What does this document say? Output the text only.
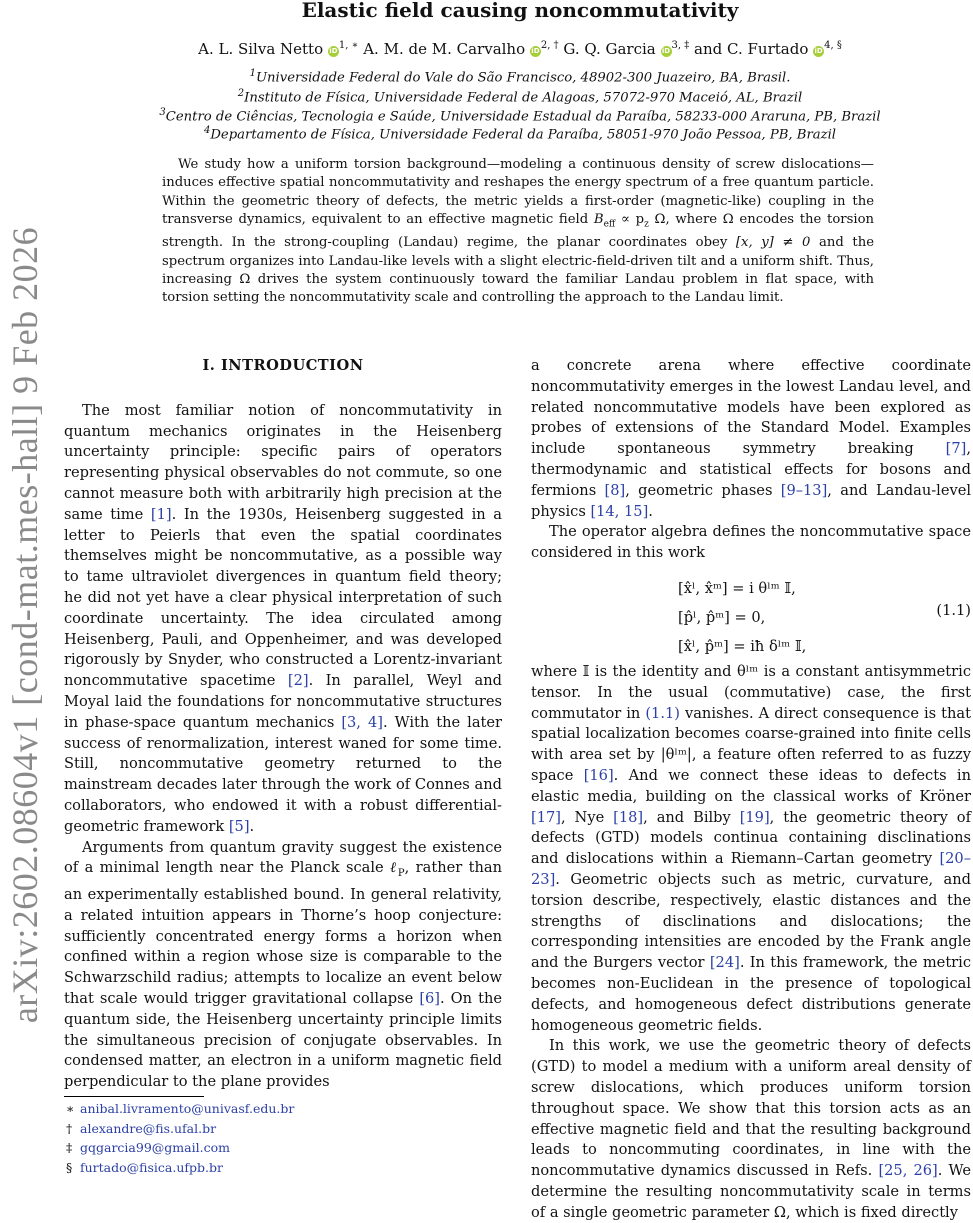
arXiv:2602.08604v1 [cond-mat.mes-hall] 9 Feb 2026
Elastic field causing noncommutativity
A. L. Silva Netto $iD^{1, ∗}$ A. M. de M. Carvalho $iD^{2, \dagger}$ G. Q. Garcia $iD^{3, \ddagger}$ and C. Furtado $iD^{4, \S}$
$^1$Universidade Federal do Vale do São Francisco, 48902-300 Juazeiro, BA, Brasil.
$^2$Instituto de Física, Universidade Federal de Alagoas, 57072-970 Maceió, AL, Brazil
$^3$Centro de Ciências, Tecnologia e Saúde, Universidade Estadual da Paraíba, 58233-000 Araruna, PB, Brazil
$^4$Departamento de Física, Universidade Federal da Paraíba, 58051-970 João Pessoa, PB, Brazil

We study how a uniform torsion background—modeling a continuous density of screw dislocations—induces effective spatial noncommutativity and reshapes the energy spectrum of a free quantum particle. Within the geometric theory of defects, the metric yields a first-order (magnetic-like) coupling in the transverse dynamics, equivalent to an effective magnetic field $B_{eff} \propto p_z$ Ω, where Ω encodes the torsion strength. In the strong-coupling (Landau) regime, the planar coordinates obey [x, y] ≠ 0 and the spectrum organizes into Landau-like levels with a slight electric-field-driven tilt and a uniform shift. Thus, increasing Ω drives the system continuously toward the familiar Landau problem in flat space, with torsion setting the noncommutativity scale and controlling the approach to the Landau limit.

I. INTRODUCTION

The most familiar notion of noncommutativity in quantum mechanics originates in the Heisenberg uncertainty principle: specific pairs of operators representing physical observables do not commute, so one cannot measure both with arbitrarily high precision at the same time [1]. In the 1930s, Heisenberg suggested in a letter to Peierls that even the spatial coordinates themselves might be noncommutative, as a possible way to tame ultraviolet divergences in quantum field theory; he did not yet have a clear physical interpretation of such coordinate uncertainty. The idea circulated among Heisenberg, Pauli, and Oppenheimer, and was developed rigorously by Snyder, who constructed a Lorentz-invariant noncommutative spacetime [2]. In parallel, Weyl and Moyal laid the foundations for noncommutative structures in phase-space quantum mechanics [3, 4]. With the later success of renormalization, interest waned for some time. Still, noncommutative geometry returned to the mainstream decades later through the work of Connes and collaborators, who endowed it with a robust differential-geometric framework [5].

Arguments from quantum gravity suggest the existence of a minimal length near the Planck scale ℓ$_P$, rather than an experimentally established bound. In general relativity, a related intuition appears in Thorne’s hoop conjecture: sufficiently concentrated energy forms a horizon when confined within a region whose size is comparable to the Schwarzschild radius; attempts to localize an event below that scale would trigger gravitational collapse [6]. On the quantum side, the Heisenberg uncertainty principle limits the simultaneous precision of conjugate observables. In condensed matter, an electron in a uniform magnetic field perpendicular to the plane provides

a concrete arena where effective coordinate noncommutativity emerges in the lowest Landau level, and related noncommutative models have been explored as probes of extensions of the Standard Model. Examples include spontaneous symmetry breaking [7], thermodynamic and statistical effects for bosons and fermions [8], geometric phases [9–13], and Landau-level physics [14, 15].

The operator algebra defines the noncommutative space considered in this work

[x̂ˡ, x̂ᵐ] = i θˡᵐ 𝕀,
[p̂ˡ, p̂ᵐ] = 0,
[x̂ˡ, p̂ᵐ] = iħ δˡᵐ 𝕀,
(1.1)

where 𝕀 is the identity and θˡᵐ is a constant antisymmetric tensor. In the usual (commutative) case, the first commutator in (1.1) vanishes. A direct consequence is that spatial localization becomes coarse-grained into finite cells with area set by |θˡᵐ|, a feature often referred to as fuzzy space [16]. And we connect these ideas to defects in elastic media, building on the classical works of Kröner [17], Nye [18], and Bilby [19], the geometric theory of defects (GTD) models continua containing disclinations and dislocations within a Riemann–Cartan geometry [20–23]. Geometric objects such as metric, curvature, and torsion describe, respectively, elastic distances and the strengths of disclinations and dislocations; the corresponding intensities are encoded by the Frank angle and the Burgers vector [24]. In this framework, the metric becomes non-Euclidean in the presence of topological defects, and homogeneous defect distributions generate homogeneous geometric fields.

In this work, we use the geometric theory of defects (GTD) to model a medium with a uniform areal density of screw dislocations, which produces uniform torsion throughout space. We show that this torsion acts as an effective magnetic field and that the resulting background leads to noncommuting coordinates, in line with the noncommutative dynamics discussed in Refs. [25, 26]. We determine the resulting noncommutativity scale in terms of a single geometric parameter Ω, which is fixed directly

∗ anibal.livramento@univasf.edu.br

† alexandre@fis.ufal.br

‡ gqgarcia99@gmail.com

§ furtado@fisica.ufpb.br
